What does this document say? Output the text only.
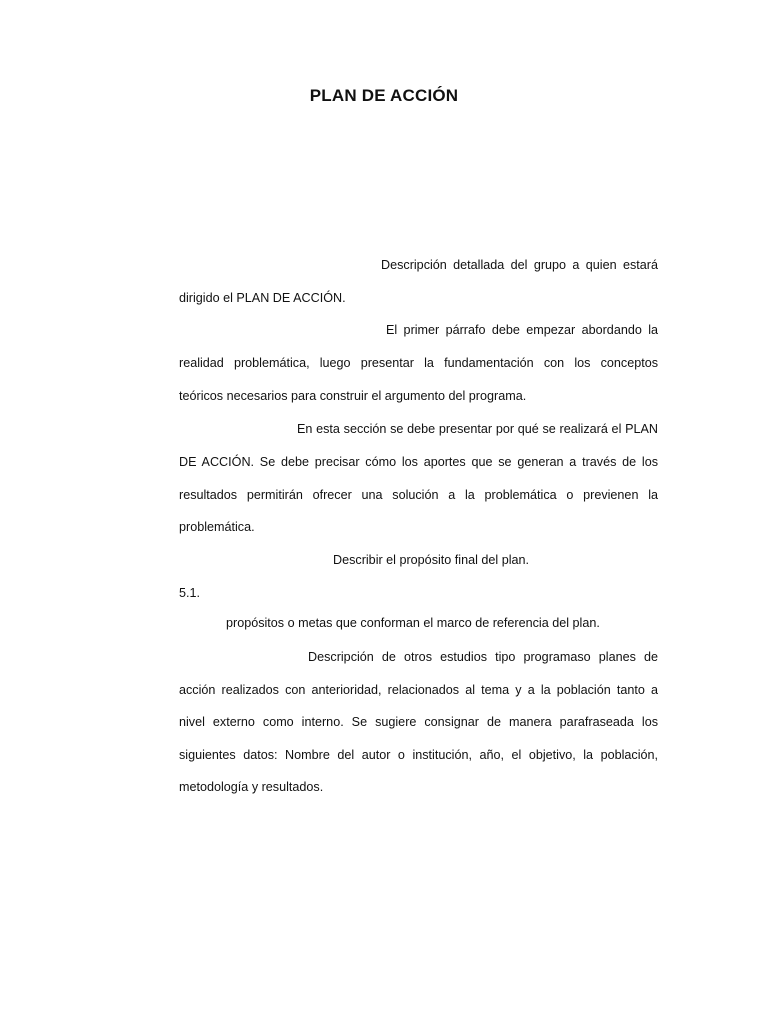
PLAN DE ACCIÓN
Descripción detallada del grupo a quien estará
dirigido el PLAN DE ACCIÓN.
El primer párrafo debe empezar abordando la
realidad problemática, luego presentar la fundamentación con los conceptos
teóricos necesarios para construir el argumento del programa.
En esta sección se debe presentar por qué se realizará el PLAN
DE ACCIÓN. Se debe precisar cómo los aportes que se generan a través de los
resultados permitirán ofrecer una solución a la problemática o previenen la
problemática.
Describir el propósito final del plan.
5.1.
propósitos o metas que conforman el marco de referencia del plan.
Descripción de otros estudios tipo programaso planes de
acción realizados con anterioridad, relacionados al tema y a la población tanto a
nivel externo como interno. Se sugiere consignar de manera parafraseada los
siguientes datos: Nombre del autor o institución, año, el objetivo, la población,
metodología y resultados.
